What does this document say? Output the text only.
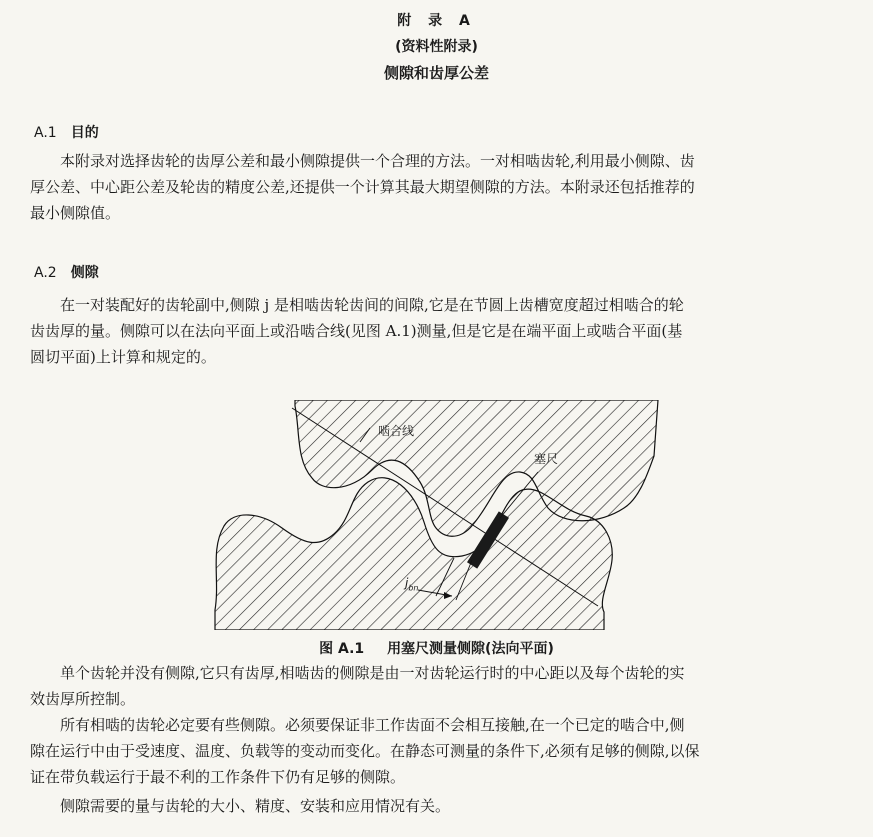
附 录 A
(资料性附录)
侧隙和齿厚公差
A.1 目的

本附录对选择齿轮的齿厚公差和最小侧隙提供一个合理的方法。一对相啮齿轮,利用最小侧隙、齿
厚公差、中心距公差及轮齿的精度公差,还提供一个计算其最大期望侧隙的方法。本附录还包括推荐的
最小侧隙值。

A.2 侧隙

在一对装配好的齿轮副中,侧隙 j 是相啮齿轮齿间的间隙,它是在节圆上齿槽宽度超过相啮合的轮
齿齿厚的量。侧隙可以在法向平面上或沿啮合线(见图 A.1)测量,但是它是在端平面上或啮合平面(基
圆切平面)上计算和规定的。

啮合线
塞尺
$j_{bn}$
图 A.1 用塞尺测量侧隙(法向平面)

单个齿轮并没有侧隙,它只有齿厚,相啮齿的侧隙是由一对齿轮运行时的中心距以及每个齿轮的实
效齿厚所控制。

所有相啮的齿轮必定要有些侧隙。必须要保证非工作齿面不会相互接触,在一个已定的啮合中,侧
隙在运行中由于受速度、温度、负载等的变动而变化。在静态可测量的条件下,必须有足够的侧隙,以保
证在带负载运行于最不利的工作条件下仍有足够的侧隙。

侧隙需要的量与齿轮的大小、精度、安装和应用情况有关。
